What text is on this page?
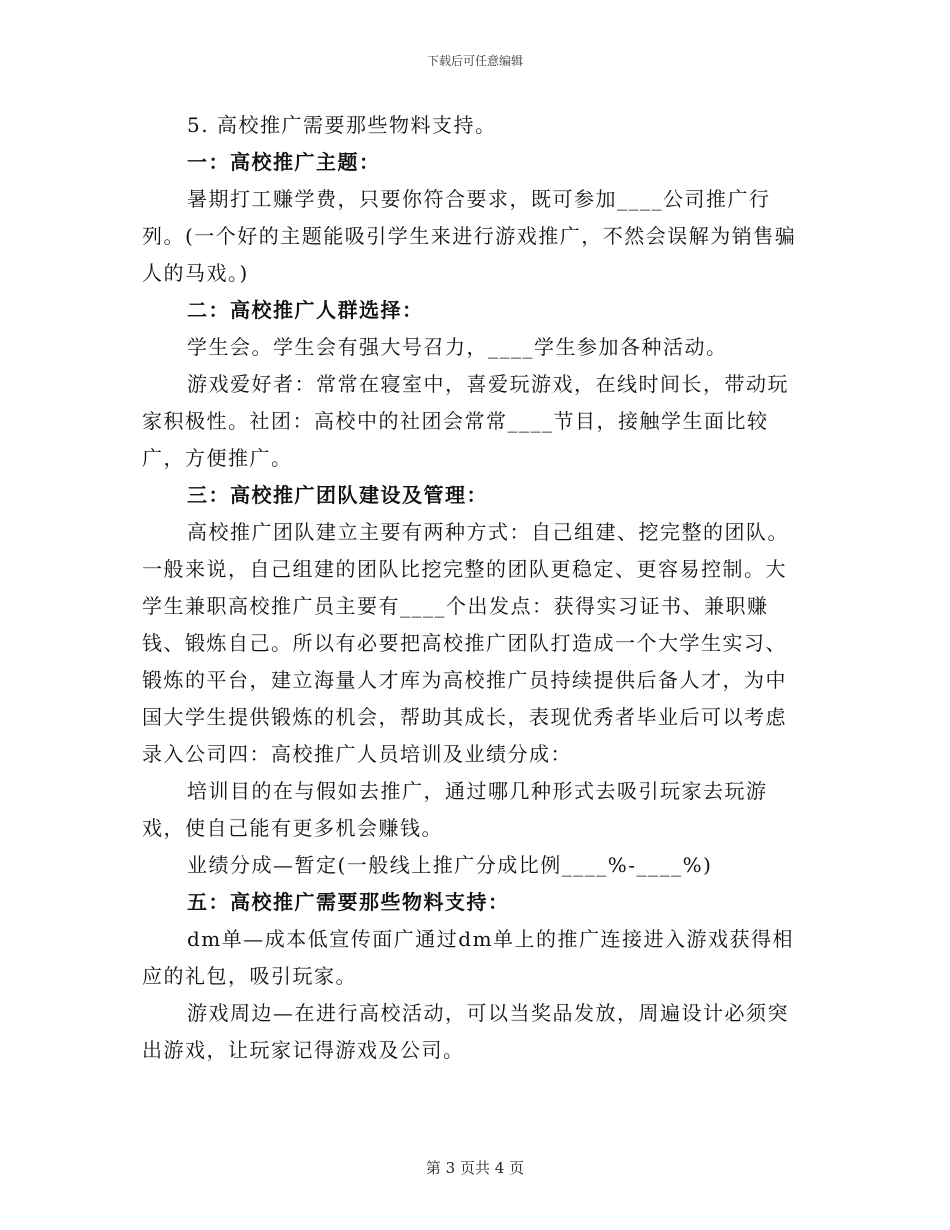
下载后可任意编辑

5. 高校推广需要那些物料支持。

一：高校推广主题：

暑期打工赚学费，只要你符合要求，既可参加____公司推广行列。(一个好的主题能吸引学生来进行游戏推广，不然会误解为销售骗人的马戏。)

二：高校推广人群选择：

学生会。学生会有强大号召力，____学生参加各种活动。

游戏爱好者：常常在寝室中，喜爱玩游戏，在线时间长，带动玩家积极性。社团：高校中的社团会常常____节目，接触学生面比较广，方便推广。

三：高校推广团队建设及管理：

高校推广团队建立主要有两种方式：自己组建、挖完整的团队。

一般来说，自己组建的团队比挖完整的团队更稳定、更容易控制。大学生兼职高校推广员主要有____个出发点：获得实习证书、兼职赚钱、锻炼自己。所以有必要把高校推广团队打造成一个大学生实习、锻炼的平台，建立海量人才库为高校推广员持续提供后备人才，为中国大学生提供锻炼的机会，帮助其成长，表现优秀者毕业后可以考虑录入公司四：高校推广人员培训及业绩分成：

培训目的在与假如去推广，通过哪几种形式去吸引玩家去玩游戏，使自己能有更多机会赚钱。

业绩分成—暂定(一般线上推广分成比例____%-____%)

五：高校推广需要那些物料支持：

dm单—成本低宣传面广通过dm单上的推广连接进入游戏获得相应的礼包，吸引玩家。

游戏周边—在进行高校活动，可以当奖品发放，周遍设计必须突出游戏，让玩家记得游戏及公司。

第 3 页共 4 页
